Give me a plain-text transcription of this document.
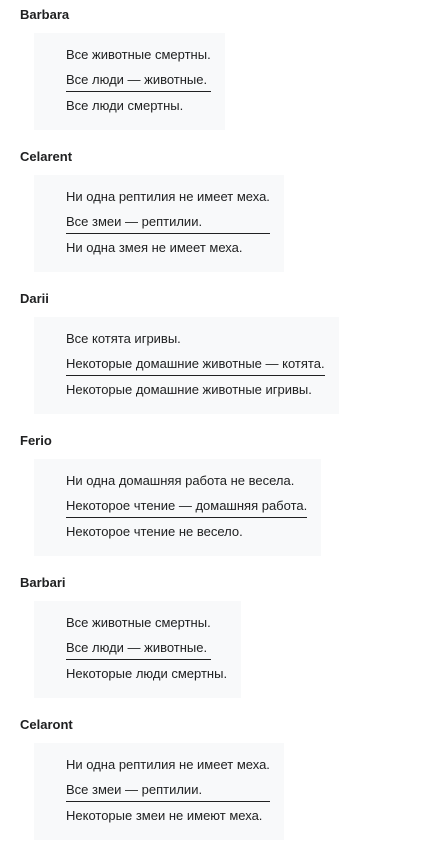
Barbara

Все животные смертны.

Все люди — животные.

Все люди смертны.

Celarent

Ни одна рептилия не имеет меха.

Все змеи — рептилии.

Ни одна змея не имеет меха.

Darii

Все котята игривы.

Некоторые домашние животные — котята.

Некоторые домашние животные игривы.

Ferio

Ни одна домашняя работа не весела.

Некоторое чтение — домашняя работа.

Некоторое чтение не весело.

Barbari

Все животные смертны.

Все люди — животные.

Некоторые люди смертны.

Celaront

Ни одна рептилия не имеет меха.

Все змеи — рептилии.

Некоторые змеи не имеют меха.
